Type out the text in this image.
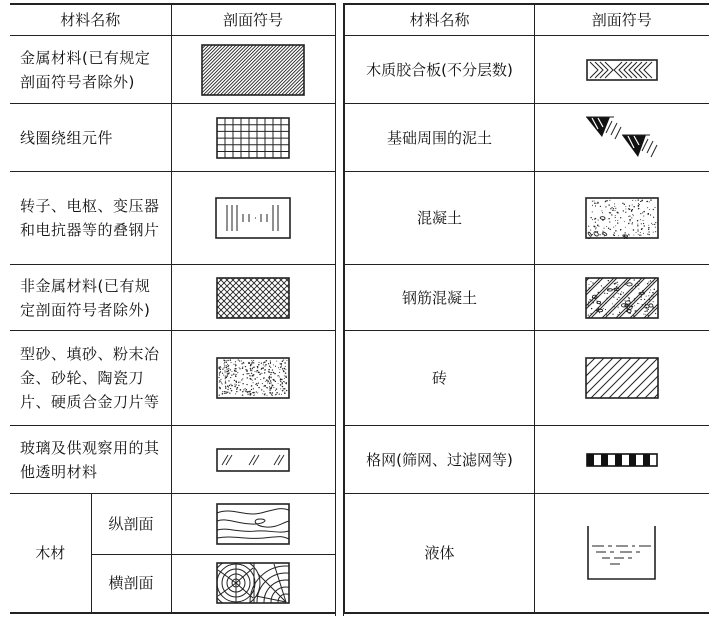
材料名称		剖面符号
金属材料(已有规定剖面符号者除外)	

线圈绕组元件	

转子、电枢、变压器和电抗器等的叠钢片	

非金属材料(已有规定剖面符号者除外)	

型砂、填砂、粉末冶金、砂轮、陶瓷刀片、硬质合金刀片等	

玻璃及供观察用的其他透明材料	

木材	纵剖面	

	横剖面	
材料名称	剖面符号
木质胶合板(不分层数)	

基础周围的泥土	

混凝土	

钢筋混凝土	

砖	

格网(筛网、过滤网等)	

液体	
